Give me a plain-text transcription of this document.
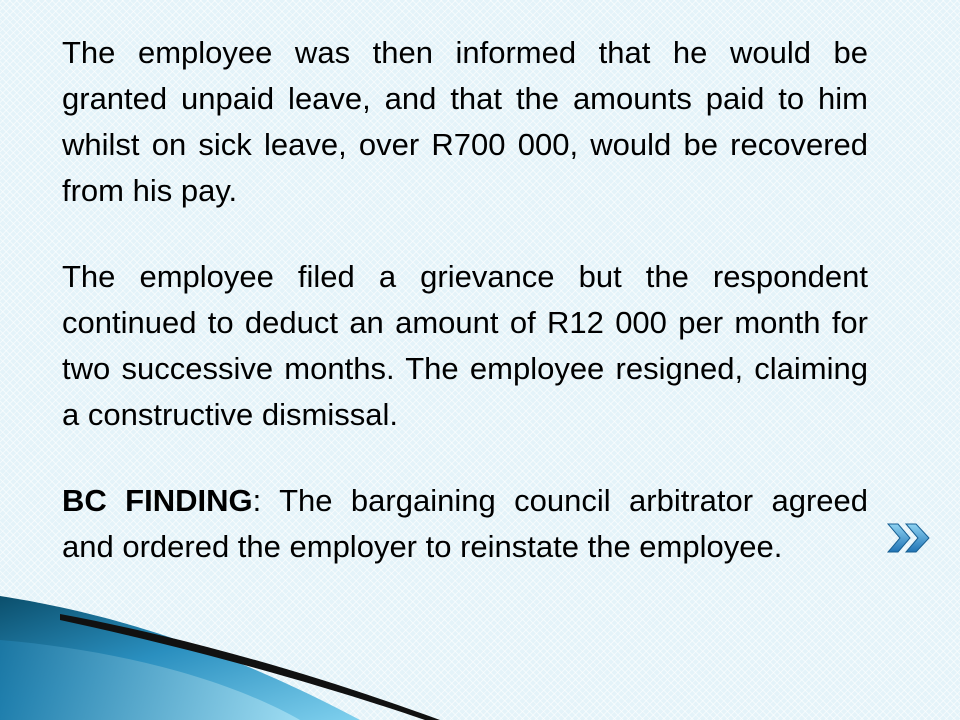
The employee was then informed that he would be granted unpaid leave, and that the amounts paid to him whilst on sick leave, over R700 000, would be recovered from his pay.

The employee filed a grievance but the respondent continued to deduct an amount of R12 000 per month for two successive months. The employee resigned, claiming a constructive dismissal.

BC FINDING: The bargaining council arbitrator agreed and ordered the employer to reinstate the employee.
